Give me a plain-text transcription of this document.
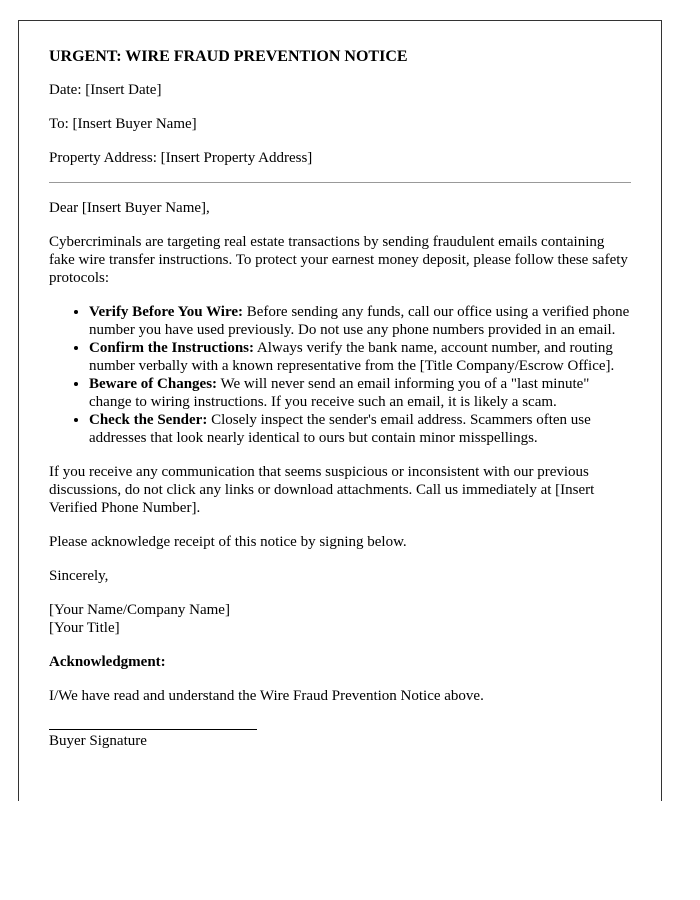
URGENT: WIRE FRAUD PREVENTION NOTICE
Date: [Insert Date]
To: [Insert Buyer Name]
Property Address: [Insert Property Address]

Dear [Insert Buyer Name],

Cybercriminals are targeting real estate transactions by sending fraudulent emails containing fake wire transfer instructions. To protect your earnest money deposit, please follow these safety protocols:

• Verify Before You Wire: Before sending any funds, call our office using a verified phone number you have used previously. Do not use any phone numbers provided in an email.
• Confirm the Instructions: Always verify the bank name, account number, and routing number verbally with a known representative from the [Title Company/Escrow Office].
• Beware of Changes: We will never send an email informing you of a "last minute" change to wiring instructions. If you receive such an email, it is likely a scam.
• Check the Sender: Closely inspect the sender's email address. Scammers often use addresses that look nearly identical to ours but contain minor misspellings.

If you receive any communication that seems suspicious or inconsistent with our previous discussions, do not click any links or download attachments. Call us immediately at [Insert Verified Phone Number].

Please acknowledge receipt of this notice by signing below.

Sincerely,

[Your Name/Company Name]
[Your Title]
Acknowledgment:

I/We have read and understand the Wire Fraud Prevention Notice above.

Buyer Signature
